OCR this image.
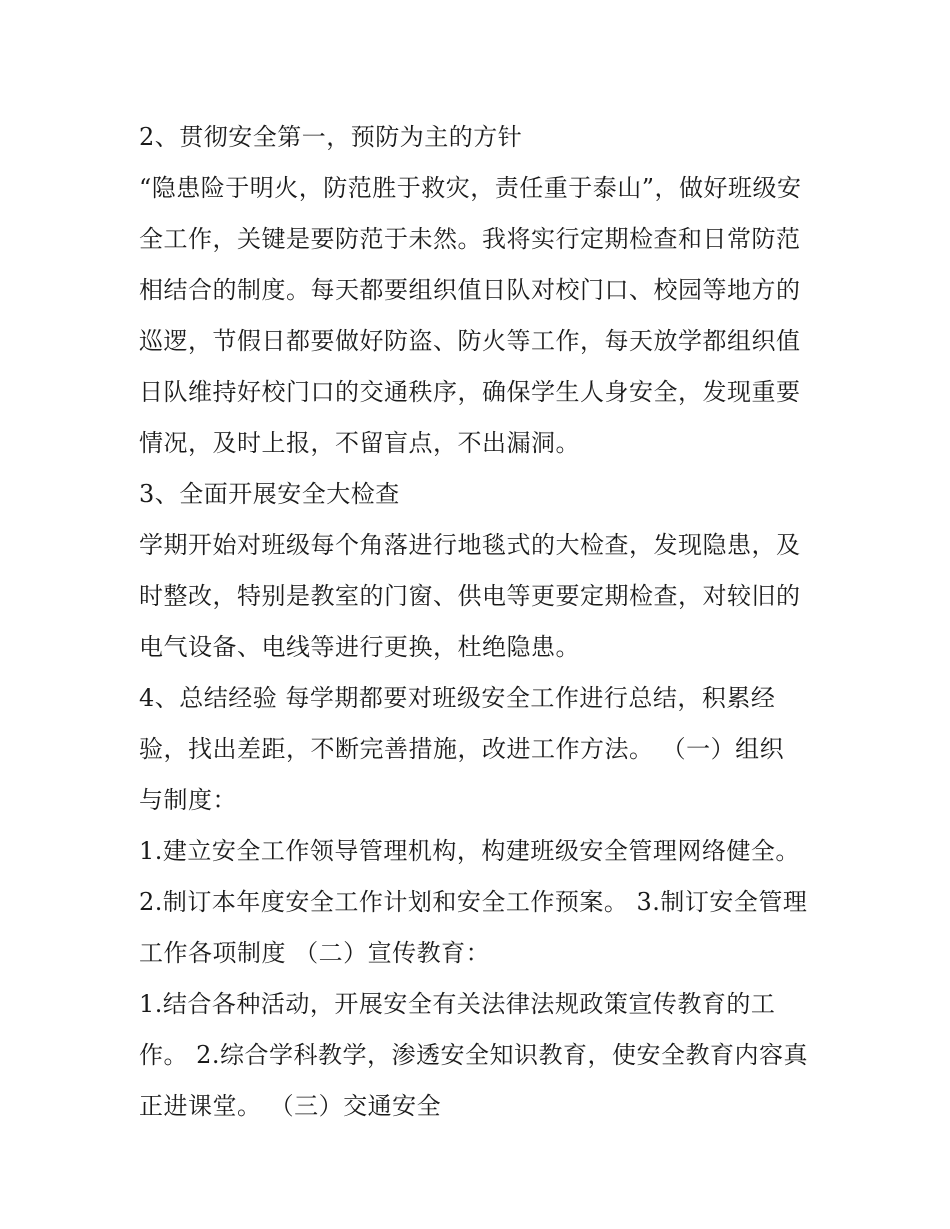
2、贯彻安全第一，预防为主的方针
“隐患险于明火，防范胜于救灾，责任重于泰山”，做好班级安
全工作，关键是要防范于未然。我将实行定期检查和日常防范
相结合的制度。每天都要组织值日队对校门口、校园等地方的
巡逻，节假日都要做好防盗、防火等工作，每天放学都组织值
日队维持好校门口的交通秩序，确保学生人身安全，发现重要
情况，及时上报，不留盲点，不出漏洞。
3、全面开展安全大检查
学期开始对班级每个角落进行地毯式的大检查，发现隐患，及
时整改，特别是教室的门窗、供电等更要定期检查，对较旧的
电气设备、电线等进行更换，杜绝隐患。
4、总结经验 每学期都要对班级安全工作进行总结，积累经
验，找出差距，不断完善措施，改进工作方法。 （一）组织
与制度：
1.建立安全工作领导管理机构，构建班级安全管理网络健全。
2.制订本年度安全工作计划和安全工作预案。 3.制订安全管理
工作各项制度 （二）宣传教育：
1.结合各种活动，开展安全有关法律法规政策宣传教育的工
作。 2.综合学科教学，渗透安全知识教育，使安全教育内容真
正进课堂。 （三）交通安全
